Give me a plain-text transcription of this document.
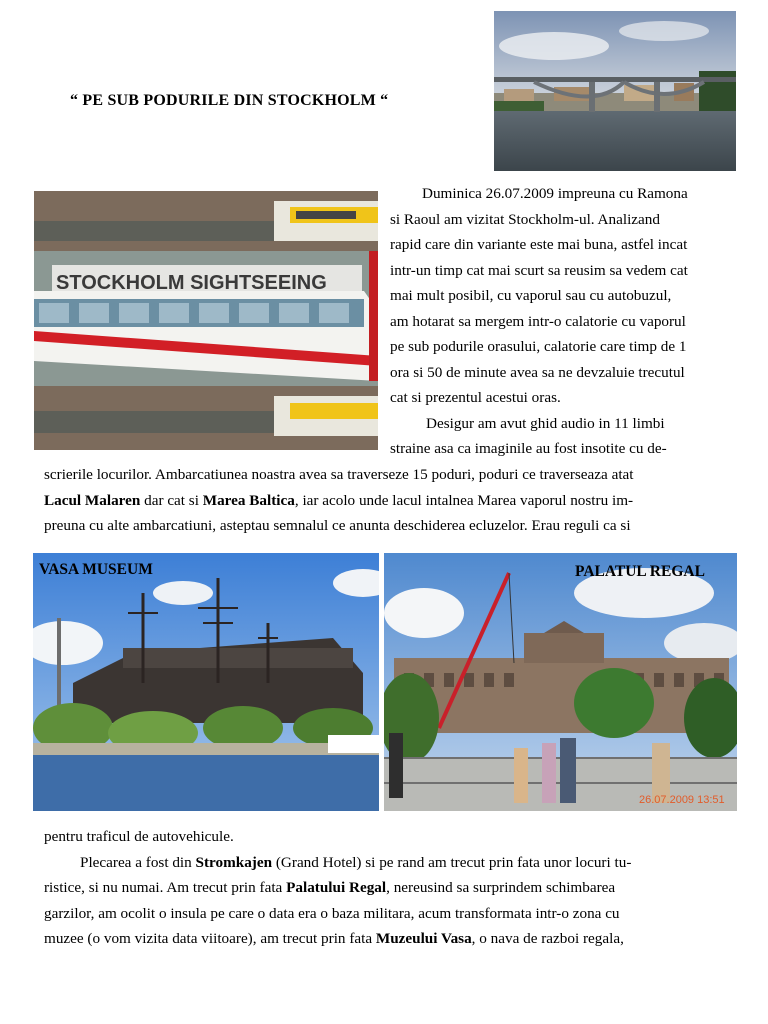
“ PE SUB PODURILE DIN STOCKHOLM “
STOCKHOLM SIGHTSEEING
Duminica 26.07.2009 impreuna cu Ramona
si Raoul am vizitat Stockholm-ul. Analizand
rapid care din variante este mai buna, astfel incat
intr-un timp cat mai scurt sa reusim sa vedem cat
mai mult posibil, cu vaporul sau cu autobuzul,
am hotarat sa mergem intr-o calatorie cu vaporul
pe sub podurile orasului, calatorie care timp de 1
ora si 50 de minute avea sa ne devzaluie trecutul
cat si prezentul acestui oras.
Desigur am avut ghid audio in 11 limbi
straine asa ca imaginile au fost insotite cu de-
scrierile locurilor. Ambarcatiunea noastra avea sa traverseze 15 poduri, poduri ce traverseaza atat
Lacul Malaren dar cat si Marea Baltica, iar acolo unde lacul intalnea Marea vaporul nostru im-
preuna cu alte ambarcatiuni, asteptau semnalul ce anunta deschiderea ecluzelor. Erau reguli ca si
VASA MUSEUM
26.07.2009 13:51
PALATUL REGAL
pentru traficul de autovehicule.
Plecarea a fost din Stromkajen (Grand Hotel) si pe rand am trecut prin fata unor locuri tu-
ristice, si nu numai. Am trecut prin fata Palatului Regal, nereusind sa surprindem schimbarea
garzilor, am ocolit o insula pe care o data era o baza militara, acum transformata intr-o zona cu
muzee (o vom vizita data viitoare), am trecut prin fata Muzeului Vasa, o nava de razboi regala,
